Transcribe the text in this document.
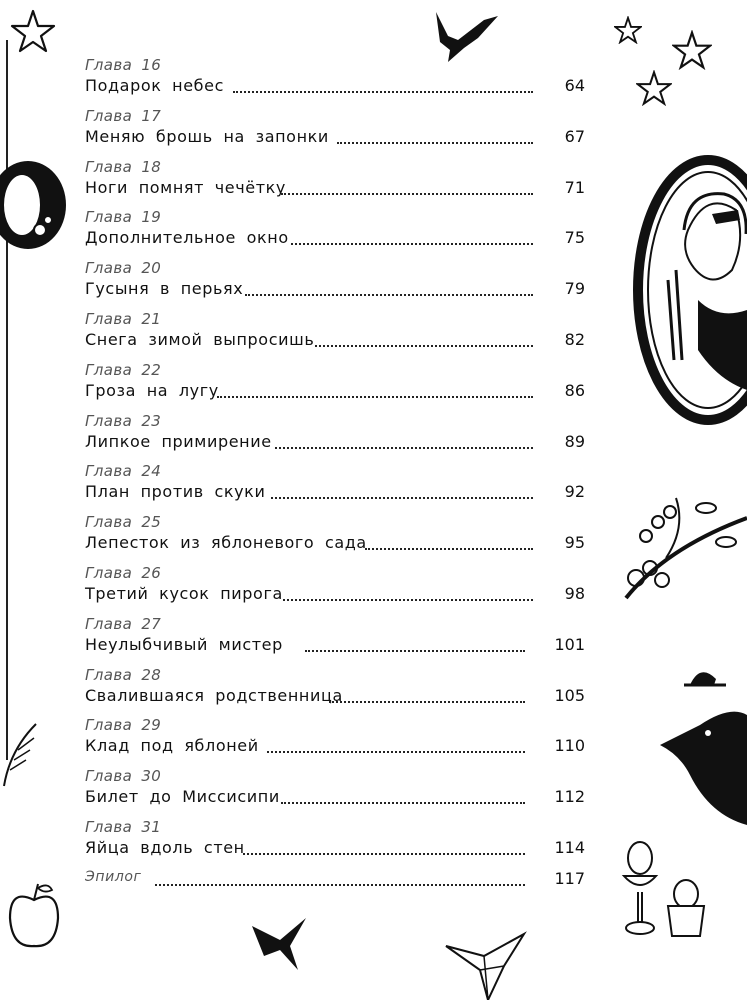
Глава 16
Подарок небес	64
Глава 17
Меняю брошь на запонки	67
Глава 18
Ноги помнят чечётку	71
Глава 19
Дополнительное окно	75
Глава 20
Гусыня в перьях	79
Глава 21
Снега зимой выпросишь	82
Глава 22
Гроза на лугу	86
Глава 23
Липкое примирение	89
Глава 24
План против скуки	92
Глава 25
Лепесток из яблоневого сада	95
Глава 26
Третий кусок пирога	98
Глава 27
Неулыбчивый мистер	101
Глава 28
Свалившаяся родственница	105
Глава 29
Клад под яблоней	110
Глава 30
Билет до Миссисипи	112
Глава 31
Яйца вдоль стен	114
Эпилог	117
